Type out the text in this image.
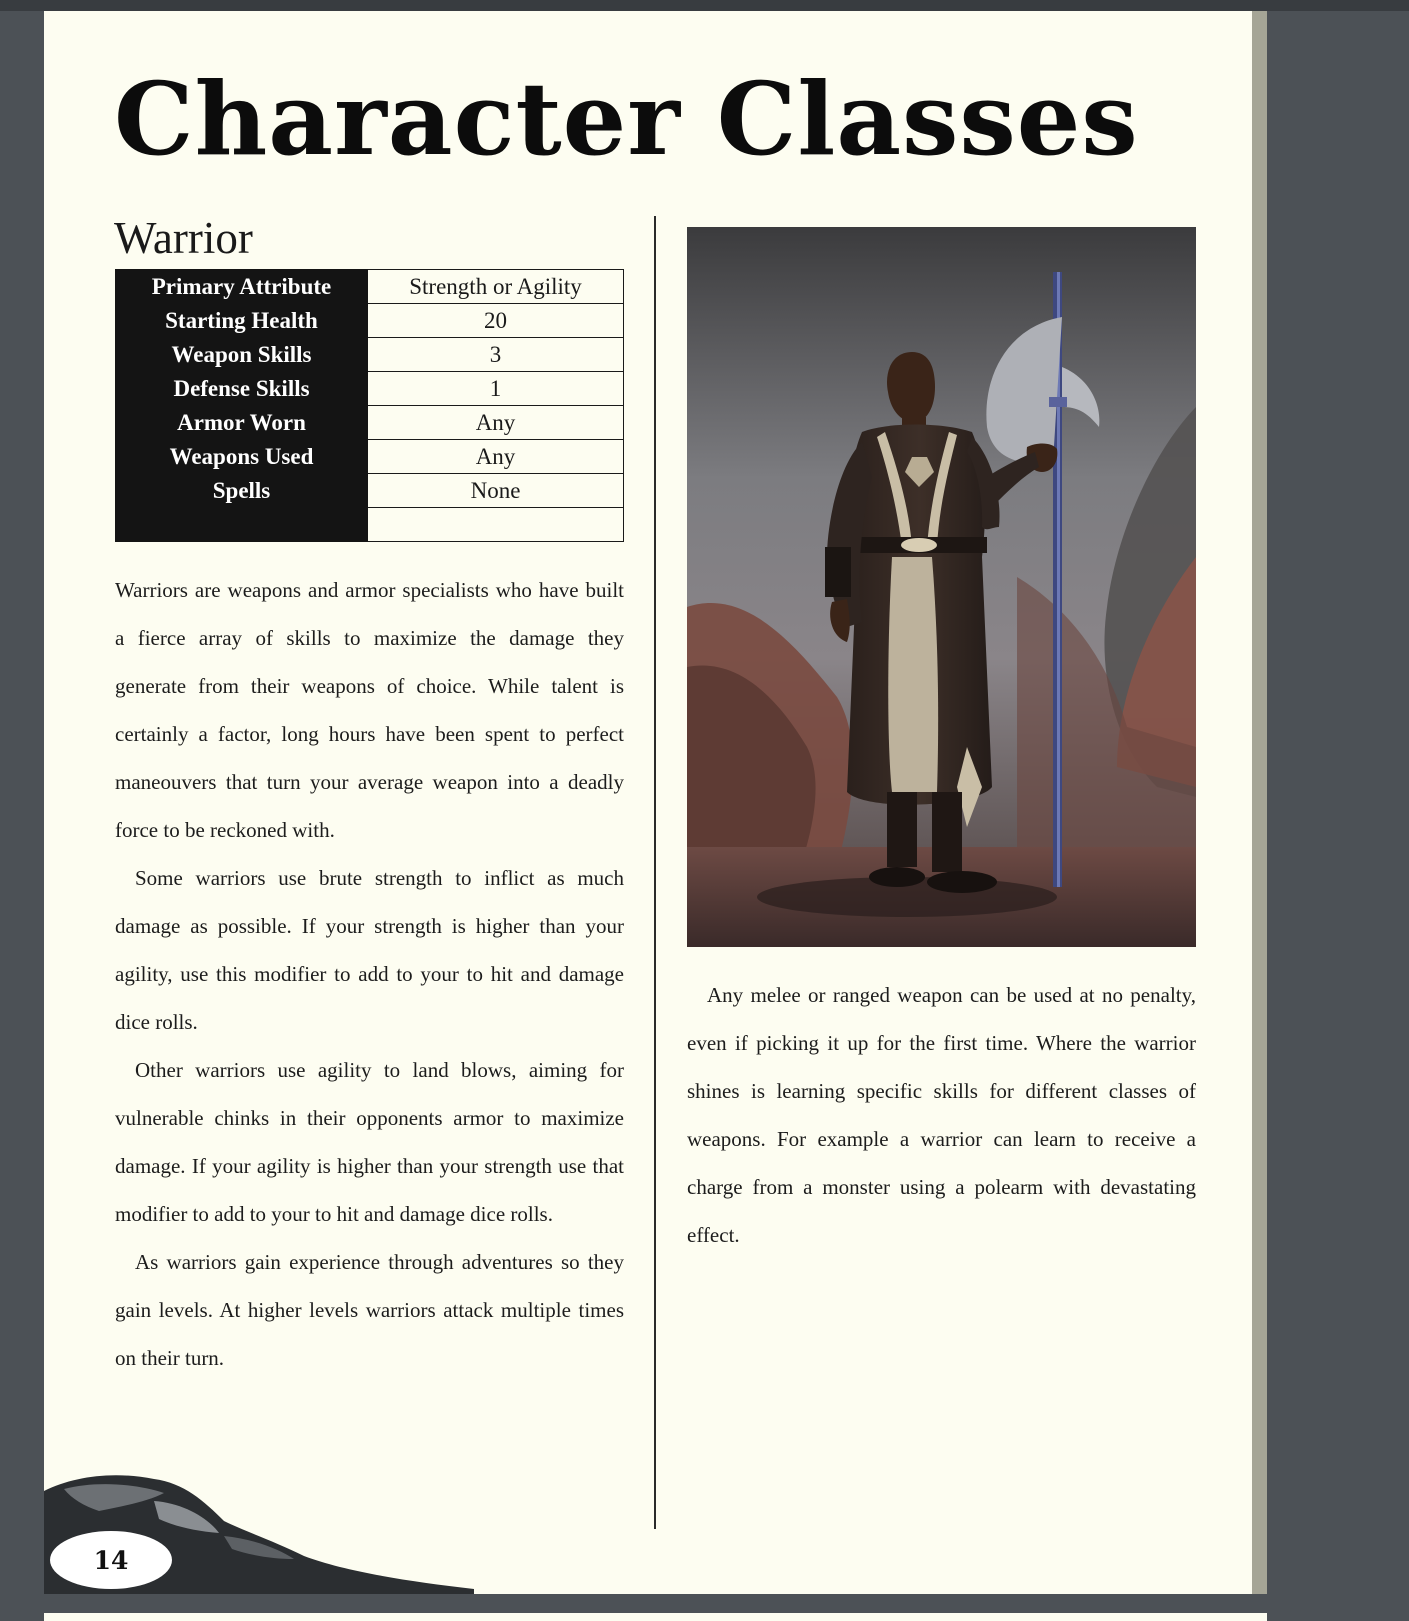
Character Classes
Warrior
Primary Attribute	Strength or Agility
Starting Health	20
Weapon Skills	3
Defense Skills	1
Armor Worn	Any
Weapons Used	Any
Spells	None

Warriors are weapons and armor specialists who have built a fierce array of skills to maximize the damage they generate from their weapons of choice. While talent is certainly a factor, long hours have been spent to perfect maneouvers that turn your average weapon into a deadly force to be reckoned with.

Some warriors use brute strength to inflict as much damage as possible. If your strength is higher than your agility, use this modifier to add to your to hit and damage dice rolls.

Other warriors use agility to land blows, aiming for vulnerable chinks in their opponents armor to maximize damage. If your agility is higher than your strength use that modifier to add to your to hit and damage dice rolls.

As warriors gain experience through adventures so they gain levels. At higher levels warriors attack multiple times on their turn.

Any melee or ranged weapon can be used at no penalty, even if picking it up for the first time. Where the warrior shines is learning specific skills for different classes of weapons. For example a warrior can learn to receive a charge from a monster using a polearm with devastating effect.

14
